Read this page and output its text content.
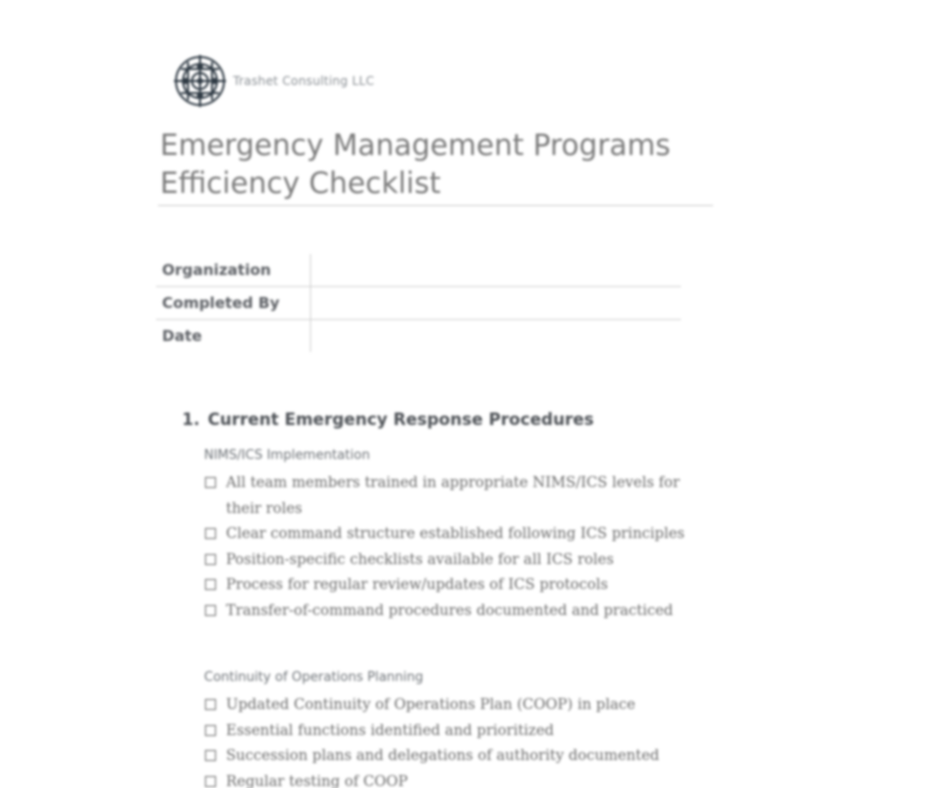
Trashet Consulting LLC
Emergency Management Programs
Efficiency Checklist
Organization	
Completed By	
Date	
1. Current Emergency Response Procedures

NIMS/ICS Implementation

All team members trained in appropriate NIMS/ICS levels for their roles
Clear command structure established following ICS principles
Position-specific checklists available for all ICS roles
Process for regular review/updates of ICS protocols
Transfer-of-command procedures documented and practiced

Continuity of Operations Planning

Updated Continuity of Operations Plan (COOP) in place
Essential functions identified and prioritized
Succession plans and delegations of authority documented
Regular testing of COOP
